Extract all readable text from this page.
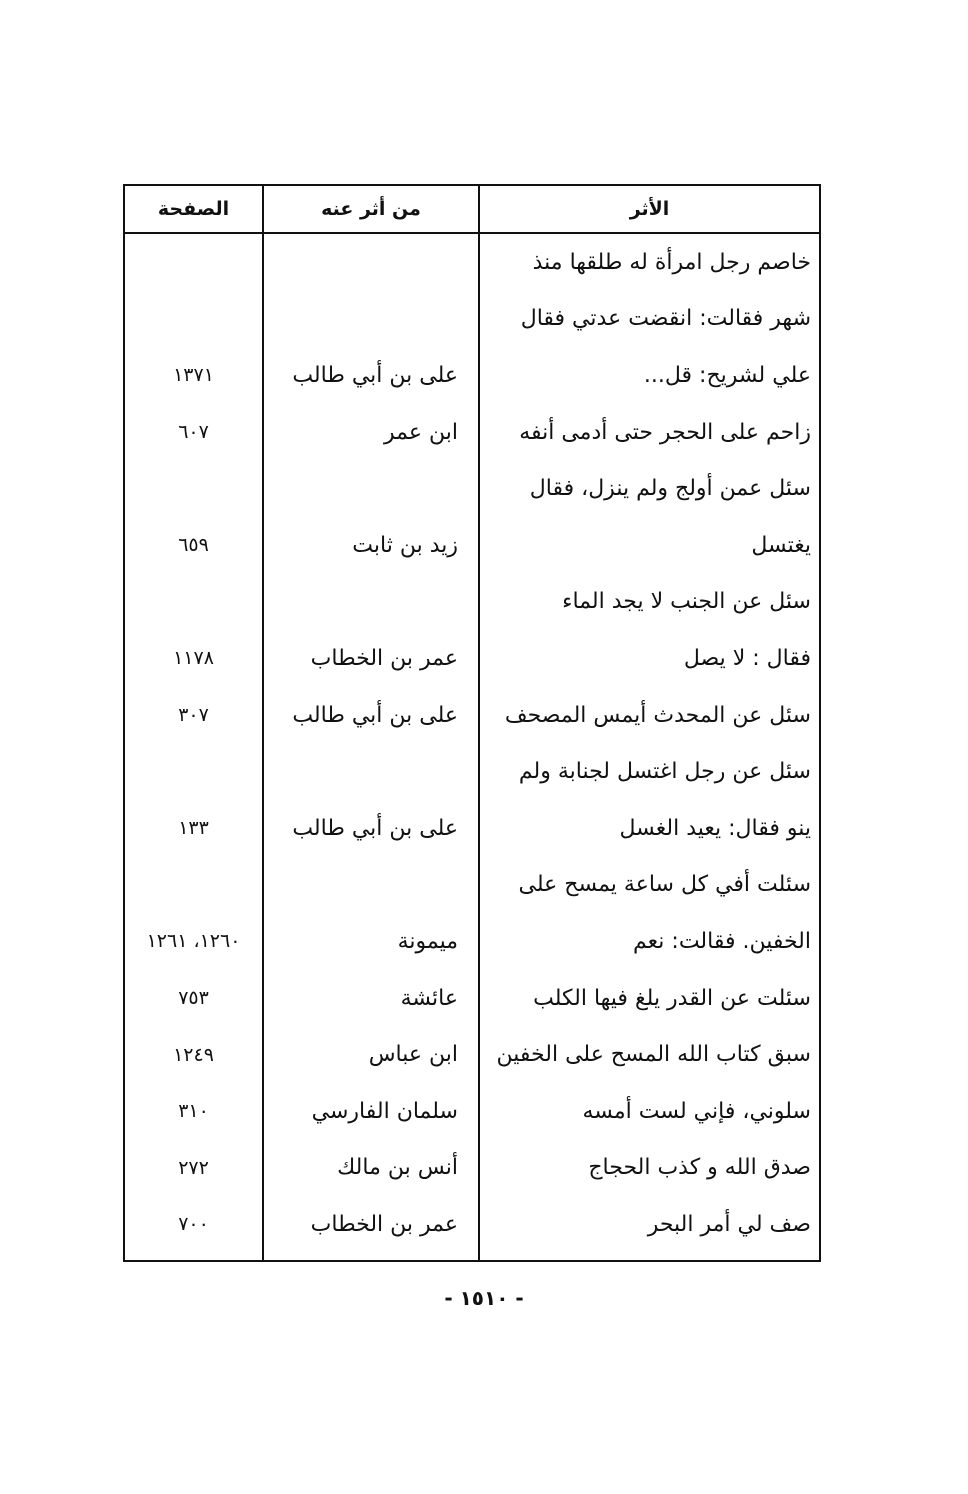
الأثر
من أثر عنه
الصفحة
خاصم رجل امرأة له طلقها منذ
شهر فقالت: انقضت عدتي فقال
علي لشريح: قل...
على بن أبي طالب
١٣٧١
زاحم على الحجر حتى أدمى أنفه
ابن عمر
٦٠٧
سئل عمن أولج ولم ينزل، فقال
يغتسل
زيد بن ثابت
٦٥٩
سئل عن الجنب لا يجد الماء
فقال : لا يصل
عمر بن الخطاب
١١٧٨
سئل عن المحدث أيمس المصحف
على بن أبي طالب
٣٠٧
سئل عن رجل اغتسل لجنابة ولم
ينو فقال: يعيد الغسل
على بن أبي طالب
١٣٣
سئلت أفي كل ساعة يمسح على
الخفين. فقالت: نعم
ميمونة
١٢٦٠، ١٢٦١
سئلت عن القدر يلغ فيها الكلب
عائشة
٧٥٣
سبق كتاب الله المسح على الخفين
ابن عباس
١٢٤٩
سلوني، فإني لست أمسه
سلمان الفارسي
٣١٠
صدق الله و كذب الحجاج
أنس بن مالك
٢٧٢
صف لي أمر البحر
عمر بن الخطاب
٧٠٠
- ١٥١٠ -
